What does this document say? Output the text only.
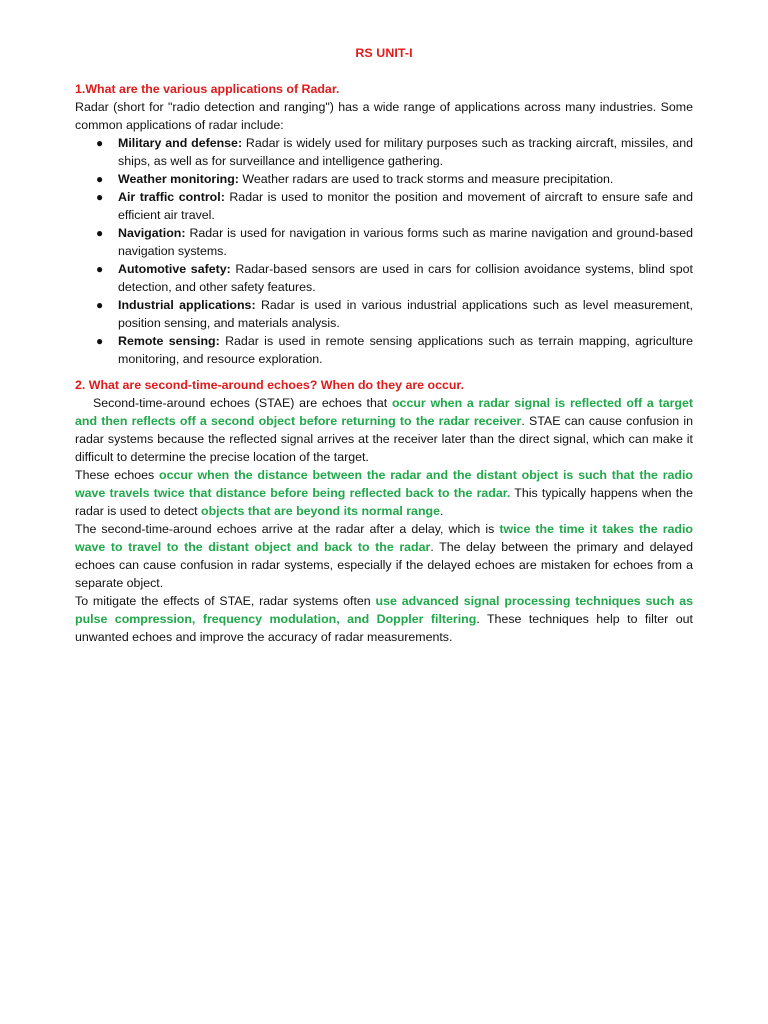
RS UNIT-I

1.What are the various applications of Radar.

Radar (short for "radio detection and ranging") has a wide range of applications across many industries. Some common applications of radar include:

● Military and defense: Radar is widely used for military purposes such as tracking aircraft, missiles, and ships, as well as for surveillance and intelligence gathering.
● Weather monitoring: Weather radars are used to track storms and measure precipitation.
● Air traffic control: Radar is used to monitor the position and movement of aircraft to ensure safe and efficient air travel.
● Navigation: Radar is used for navigation in various forms such as marine navigation and ground-based navigation systems.
● Automotive safety: Radar-based sensors are used in cars for collision avoidance systems, blind spot detection, and other safety features.
● Industrial applications: Radar is used in various industrial applications such as level measurement, position sensing, and materials analysis.
● Remote sensing: Radar is used in remote sensing applications such as terrain mapping, agriculture monitoring, and resource exploration.

2. What are second-time-around echoes? When do they are occur.

Second-time-around echoes (STAE) are echoes that occur when a radar signal is reflected off a target and then reflects off a second object before returning to the radar receiver. STAE can cause confusion in radar systems because the reflected signal arrives at the receiver later than the direct signal, which can make it difficult to determine the precise location of the target.

These echoes occur when the distance between the radar and the distant object is such that the radio wave travels twice that distance before being reflected back to the radar. This typically happens when the radar is used to detect objects that are beyond its normal range.

The second-time-around echoes arrive at the radar after a delay, which is twice the time it takes the radio wave to travel to the distant object and back to the radar. The delay between the primary and delayed echoes can cause confusion in radar systems, especially if the delayed echoes are mistaken for echoes from a separate object.

To mitigate the effects of STAE, radar systems often use advanced signal processing techniques such as pulse compression, frequency modulation, and Doppler filtering. These techniques help to filter out unwanted echoes and improve the accuracy of radar measurements.
